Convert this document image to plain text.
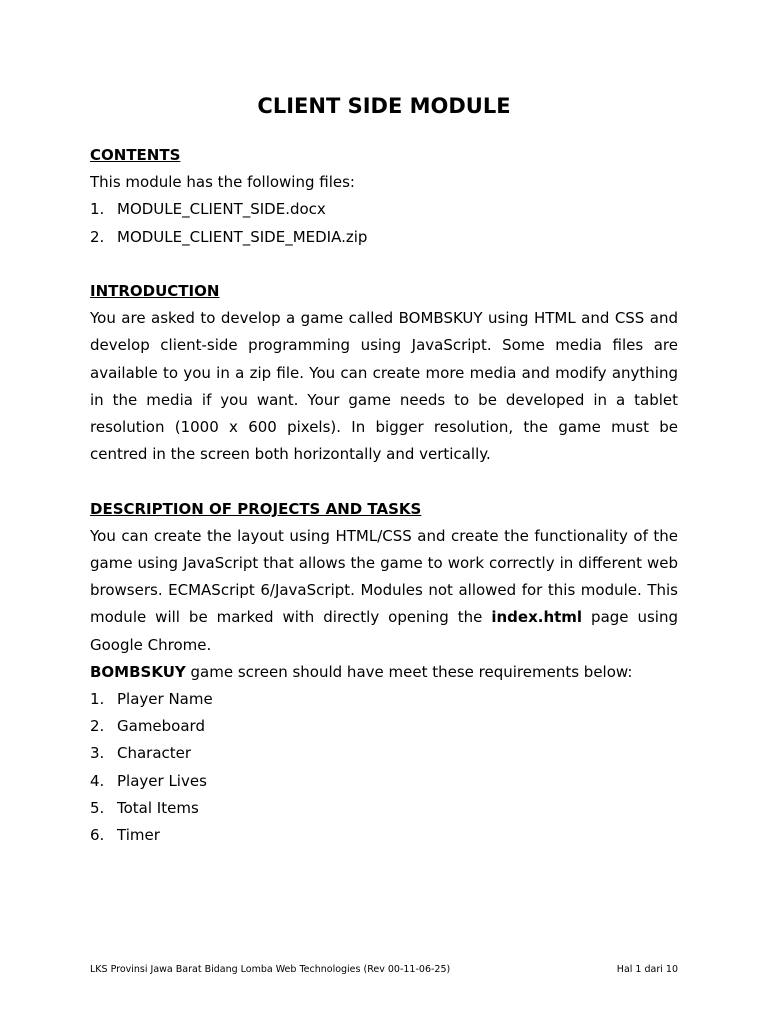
CLIENT SIDE MODULE

CONTENTS

This module has the following files:

1. MODULE_CLIENT_SIDE.docx
2. MODULE_CLIENT_SIDE_MEDIA.zip

INTRODUCTION

You are asked to develop a game called BOMBSKUY using HTML and CSS and develop client-side programming using JavaScript. Some media files are available to you in a zip file. You can create more media and modify anything in the media if you want. Your game needs to be developed in a tablet resolution (1000 x 600 pixels). In bigger resolution, the game must be centred in the screen both horizontally and vertically.

DESCRIPTION OF PROJECTS AND TASKS

You can create the layout using HTML/CSS and create the functionality of the game using JavaScript that allows the game to work correctly in different web browsers. ECMAScript 6/JavaScript. Modules not allowed for this module. This module will be marked with directly opening the index.html page using Google Chrome.

BOMBSKUY game screen should have meet these requirements below:

1. Player Name
2. Gameboard
3. Character
4. Player Lives
5. Total Items
6. Timer
LKS Provinsi Jawa Barat Bidang Lomba Web Technologies (Rev 00-11-06-25)	Hal 1 dari 10
